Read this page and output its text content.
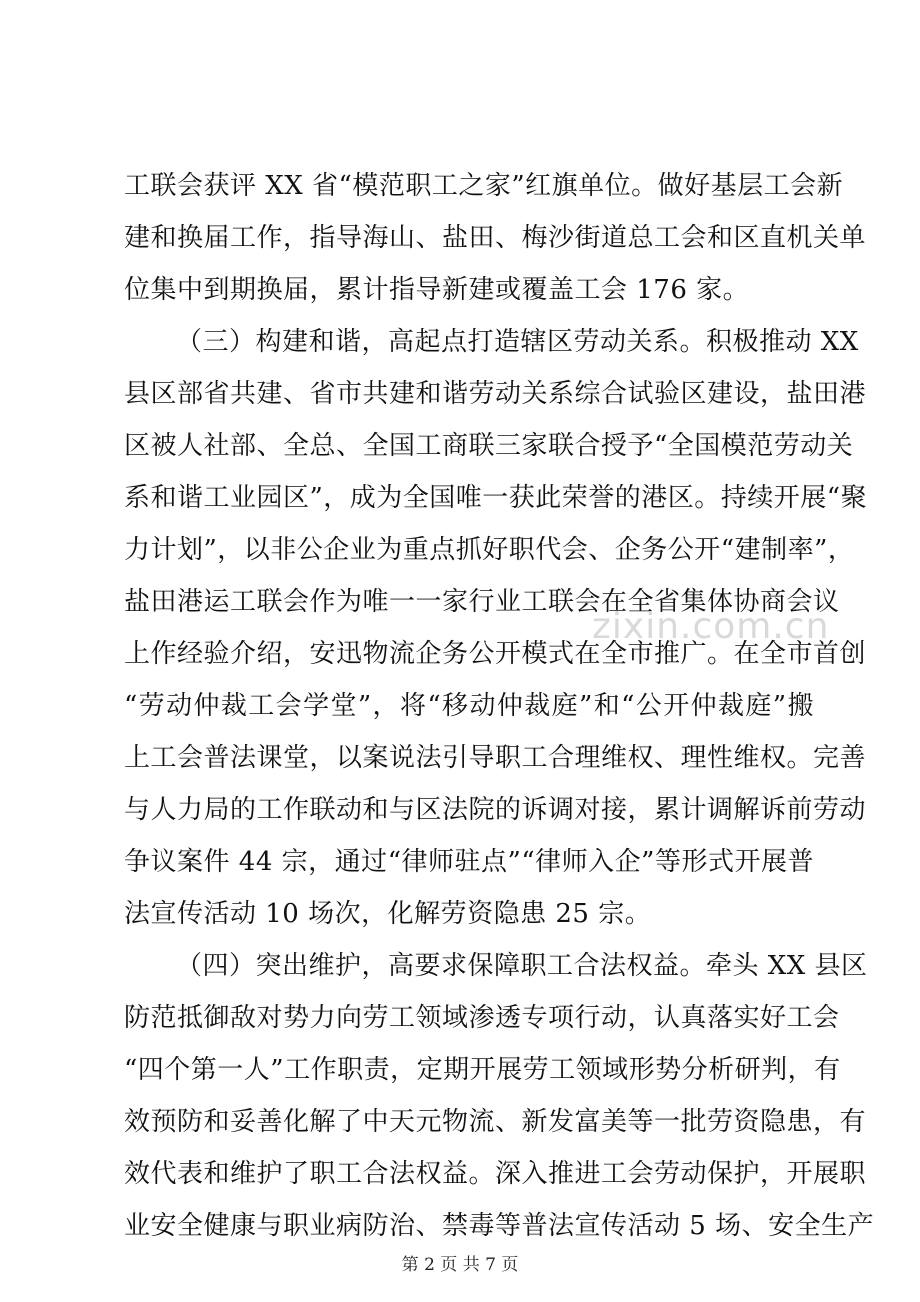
工联会获评 XX 省“模范职工之家”红旗单位。做好基层工会新
建和换届工作，指导海山、盐田、梅沙街道总工会和区直机关单
位集中到期换届，累计指导新建或覆盖工会 176 家。
（三）构建和谐，高起点打造辖区劳动关系。积极推动 XX
县区部省共建、省市共建和谐劳动关系综合试验区建设，盐田港
区被人社部、全总、全国工商联三家联合授予“全国模范劳动关
系和谐工业园区”，成为全国唯一获此荣誉的港区。持续开展“聚
力计划”，以非公企业为重点抓好职代会、企务公开“建制率”，
盐田港运工联会作为唯一一家行业工联会在全省集体协商会议
上作经验介绍，安迅物流企务公开模式在全市推广。在全市首创
“劳动仲裁工会学堂”，将“移动仲裁庭”和“公开仲裁庭”搬
上工会普法课堂，以案说法引导职工合理维权、理性维权。完善
与人力局的工作联动和与区法院的诉调对接，累计调解诉前劳动
争议案件 44 宗，通过“律师驻点”“律师入企”等形式开展普
法宣传活动 10 场次，化解劳资隐患 25 宗。
（四）突出维护，高要求保障职工合法权益。牵头 XX 县区
防范抵御敌对势力向劳工领域渗透专项行动，认真落实好工会
“四个第一人”工作职责，定期开展劳工领域形势分析研判，有
效预防和妥善化解了中天元物流、新发富美等一批劳资隐患，有
效代表和维护了职工合法权益。深入推进工会劳动保护，开展职
业安全健康与职业病防治、禁毒等普法宣传活动 5 场、安全生产
zixin.com.cn
第 2 页 共 7 页
